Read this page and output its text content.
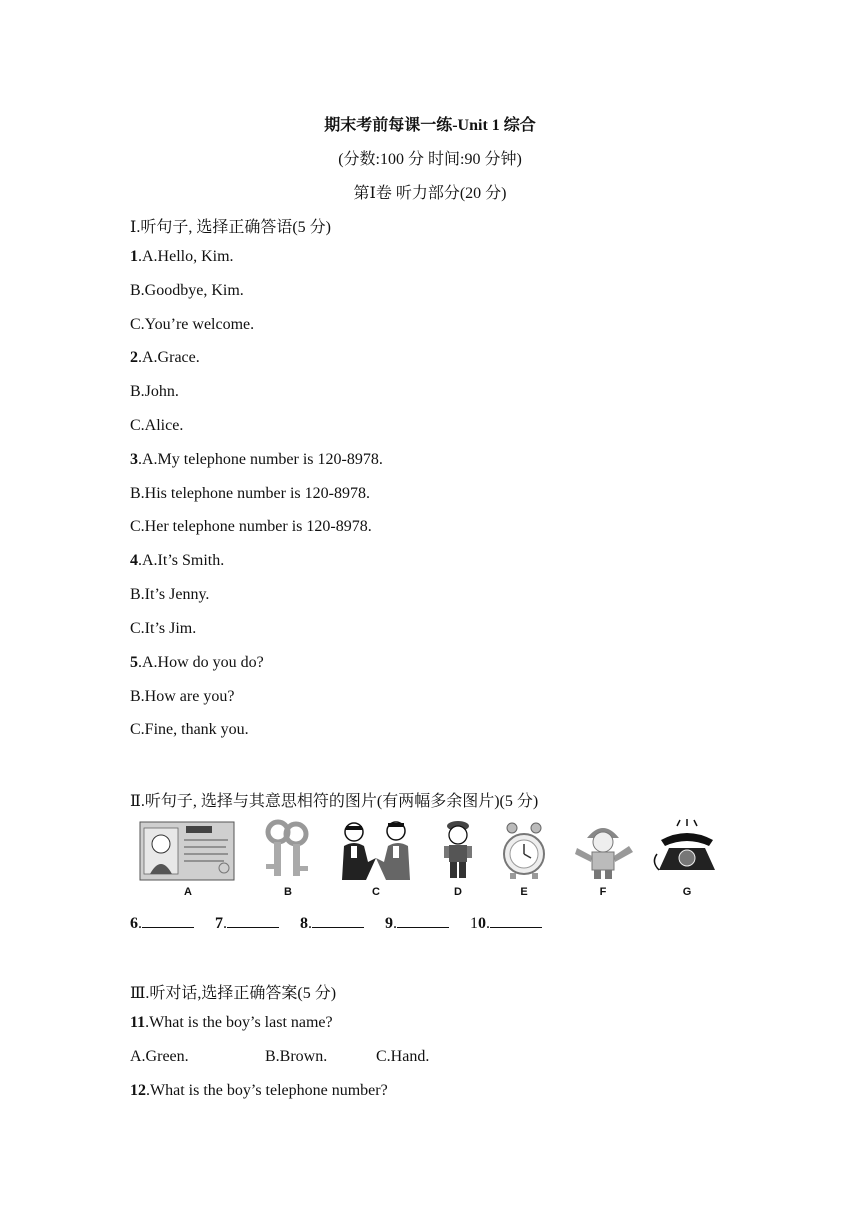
期末考前每课一练-Unit 1 综合
(分数:100 分 时间:90 分钟)
第Ⅰ卷 听力部分(20 分)
Ⅰ.听句子, 选择正确答语(5 分)
1.A.Hello, Kim.
B.Goodbye, Kim.
C.You’re welcome.
2.A.Grace.
B.John.
C.Alice.
3.A.My telephone number is 120-8978.
B.His telephone number is 120-8978.
C.Her telephone number is 120-8978.
4.A.It’s Smith.
B.It’s Jenny.
C.It’s Jim.
5.A.How do you do?
B.How are you?
C.Fine, thank you.
Ⅱ.听句子, 选择与其意思相符的图片(有两幅多余图片)(5 分)
A	B	C	D	E	F	G
6.	7.	8.	9.	10.
Ⅲ.听对话,选择正确答案(5 分)
11.What is the boy’s last name?
A.Green.	B.Brown.	C.Hand.
12.What is the boy’s telephone number?
